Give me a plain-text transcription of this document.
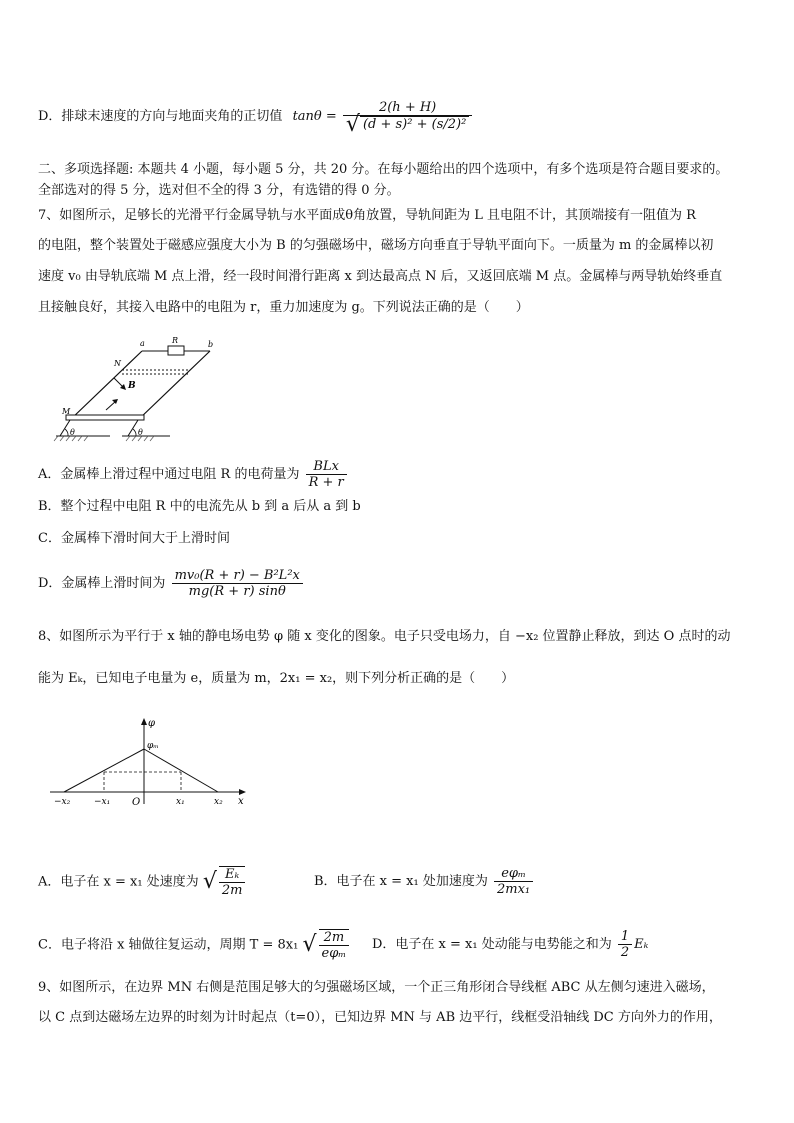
D．排球末速度的方向与地面夹角的正切值 $\tan\theta = \frac{2(h + H)}{\text{√ (d + s)² + (s/2)²}}$
二、多项选择题: 本题共 4 小题，每小题 5 分，共 20 分。在每小题给出的四个选项中，有多个选项是符合题目要求的。
全部选对的得 5 分，选对但不全的得 3 分，有选错的得 0 分。
7、如图所示，足够长的光滑平行金属导轨与水平面成θ角放置，导轨间距为 L 且电阻不计，其顶端接有一阻值为 R
的电阻，整个装置处于磁感应强度大小为 B 的匀强磁场中，磁场方向垂直于导轨平面向下。一质量为 m 的金属棒以初
速度 v₀ 由导轨底端 M 点上滑，经一段时间滑行距离 x 到达最高点 N 后，又返回底端 M 点。金属棒与两导轨始终垂直
且接触良好，其接入电路中的电阻为 r，重力加速度为 g。下列说法正确的是（　　）
a	R	b
N
B
M
θ	θ
A．金属棒上滑过程中通过电阻 R 的电荷量为 $\frac{\text{BLx}}{R + r}$
B．整个过程中电阻 R 中的电流先从 b 到 a 后从 a 到 b
C．金属棒下滑时间大于上滑时间
D．金属棒上滑时间为 $\frac{\text{mv₀(R + r) − B²L²x}}{mg(R + r) \sin\theta}$
8、如图所示为平行于 x 轴的静电场电势 φ 随 x 变化的图象。电子只受电场力，自 −x₂ 位置静止释放，到达 O 点时的动
能为 Eₖ，已知电子电量为 e，质量为 m，2x₁ = x₂，则下列分析正确的是（　　）
φ
φₘ
−x₂	−x₁ O	x₁	x₂ x
A．电子在 x = x₁ 处速度为 √ $\frac{\text{Eₖ}}{2m}$	B．电子在 x = x₁ 处加速度为 $\frac{\text{eφₘ}}{\text{2mx₁}}$
C．电子将沿 x 轴做往复运动，周期 T = 8x₁ √ $\frac{2m}{\text{eφₘ}}$ D．电子在 x = x₁ 处动能与电势能之和为 $\frac{1}{2}$ Eₖ
9、如图所示，在边界 MN 右侧是范围足够大的匀强磁场区域，一个正三角形闭合导线框 ABC 从左侧匀速进入磁场，
以 C 点到达磁场左边界的时刻为计时起点（t=0），已知边界 MN 与 AB 边平行，线框受沿轴线 DC 方向外力的作用，
